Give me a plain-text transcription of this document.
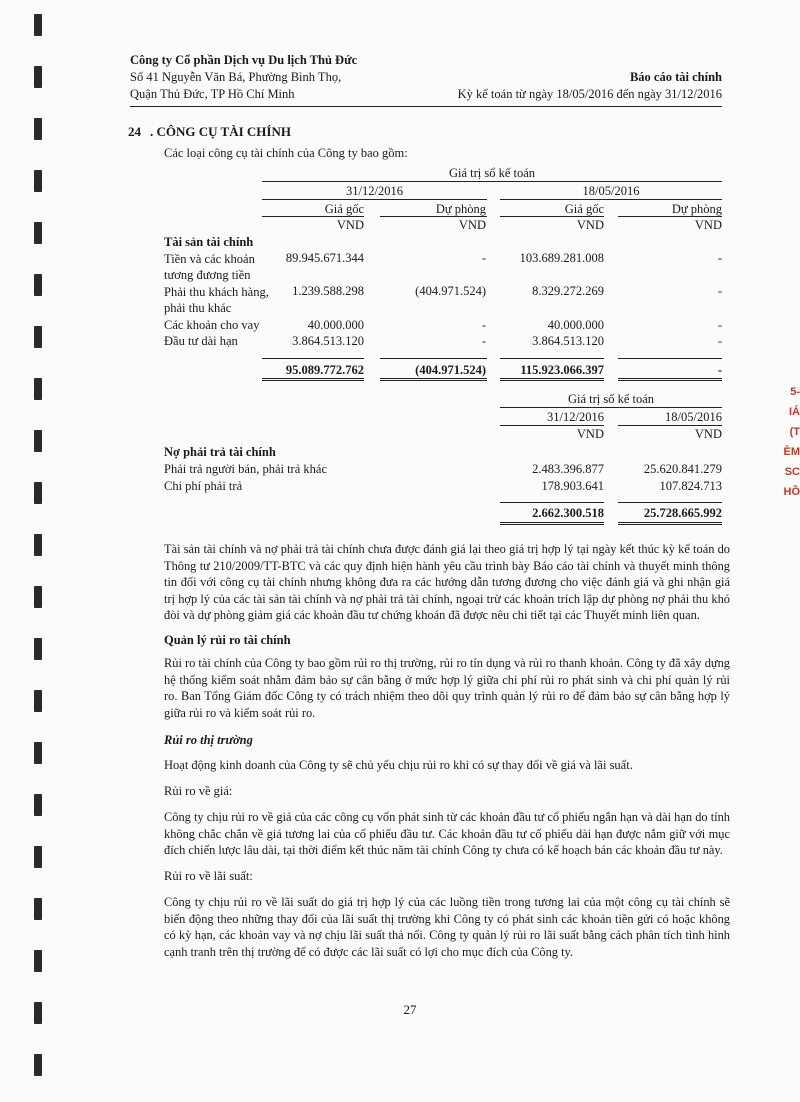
5-
IÁ
(T
ÈM
SC
HỒ
Công ty Cổ phần Dịch vụ Du lịch Thủ Đức
Số 41 Nguyễn Văn Bá, Phường Bình Thọ,
Quận Thủ Đức, TP Hồ Chí Minh
Báo cáo tài chính
Kỳ kế toán từ ngày 18/05/2016 đến ngày 31/12/2016
24 . CÔNG CỤ TÀI CHÍNH
Các loại công cụ tài chính của Công ty bao gồm:
Giá trị sổ kế toán
31/12/2016	18/05/2016
Giá gốc	Dự phòng	Giá gốc	Dự phòng
VND	VND	VND	VND
Tài sản tài chính
Tiền và các khoản tương đương tiền
89.945.671.344	-	103.689.281.008	-
Phải thu khách hàng, phải thu khác
1.239.588.298	(404.971.524)	8.329.272.269	-
Các khoản cho vay	40.000.000	-	40.000.000	-
Đầu tư dài hạn	3.864.513.120	-	3.864.513.120	-
95.089.772.762	(404.971.524)	115.923.066.397	-
Giá trị sổ kế toán
31/12/2016	18/05/2016
VND	VND
Nợ phải trả tài chính
Phải trả người bán, phải trả khác	2.483.396.877	25.620.841.279
Chi phí phải trả	178.903.641	107.824.713
2.662.300.518	25.728.665.992
Tài sản tài chính và nợ phải trả tài chính chưa được đánh giá lại theo giá trị hợp lý tại ngày kết thúc kỳ kế toán do Thông tư 210/2009/TT-BTC và các quy định hiện hành yêu cầu trình bày Báo cáo tài chính và thuyết minh thông tin đối với công cụ tài chính nhưng không đưa ra các hướng dẫn tương đương cho việc đánh giá và ghi nhận giá trị hợp lý của các tài sản tài chính và nợ phải trả tài chính, ngoại trừ các khoản trích lập dự phòng nợ phải thu khó đòi và dự phòng giảm giá các khoản đầu tư chứng khoán đã được nêu chi tiết tại các Thuyết minh liên quan.
Quản lý rủi ro tài chính
Rủi ro tài chính của Công ty bao gồm rủi ro thị trường, rủi ro tín dụng và rủi ro thanh khoản. Công ty đã xây dựng hệ thống kiểm soát nhằm đảm bảo sự cân bằng ở mức hợp lý giữa chi phí rủi ro phát sinh và chi phí quản lý rủi ro. Ban Tổng Giám đốc Công ty có trách nhiệm theo dõi quy trình quản lý rủi ro để đảm bảo sự cân bằng hợp lý giữa rủi ro và kiểm soát rủi ro.
Rủi ro thị trường
Hoạt động kinh doanh của Công ty sẽ chủ yếu chịu rủi ro khi có sự thay đổi về giá và lãi suất.
Rủi ro về giá:
Công ty chịu rủi ro về giá của các công cụ vốn phát sinh từ các khoản đầu tư cổ phiếu ngắn hạn và dài hạn do tính không chắc chắn về giá tương lai của cổ phiếu đầu tư. Các khoản đầu tư cổ phiếu dài hạn được nắm giữ với mục đích chiến lược lâu dài, tại thời điểm kết thúc năm tài chính Công ty chưa có kế hoạch bán các khoản đầu tư này.
Rủi ro về lãi suất:
Công ty chịu rủi ro về lãi suất do giá trị hợp lý của các luồng tiền trong tương lai của một công cụ tài chính sẽ biến động theo những thay đổi của lãi suất thị trường khi Công ty có phát sinh các khoản tiền gửi có hoặc không có kỳ hạn, các khoản vay và nợ chịu lãi suất thả nổi. Công ty quản lý rủi ro lãi suất bằng cách phân tích tình hình cạnh tranh trên thị trường để có được các lãi suất có lợi cho mục đích của Công ty.
27
